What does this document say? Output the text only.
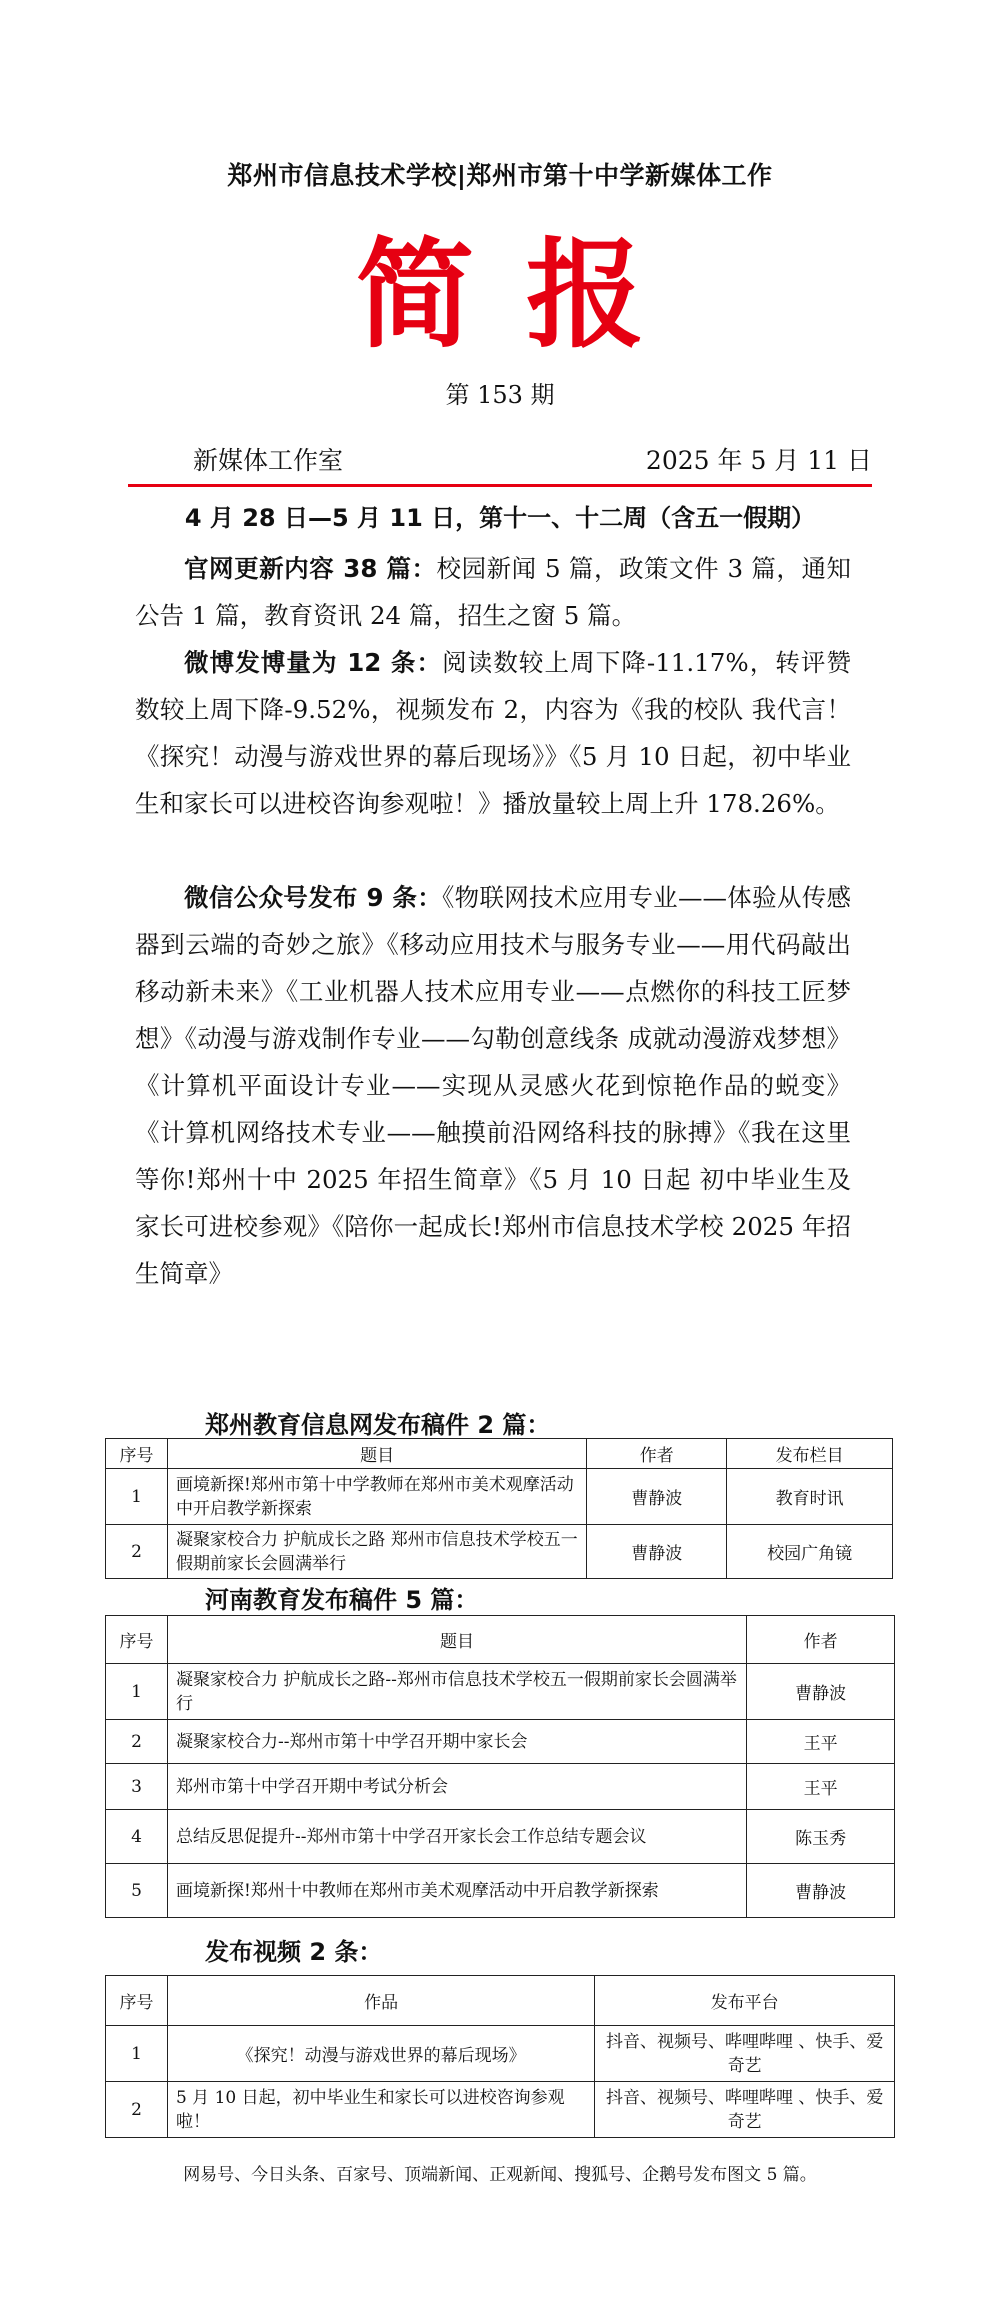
郑州市信息技术学校|郑州市第十中学新媒体工作
简报
第 153 期
新媒体工作室	2025 年 5 月 11 日
4 月 28 日—5 月 11 日，第十一、十二周（含五一假期）

官网更新内容 38 篇：校园新闻 5 篇，政策文件 3 篇，通知公告 1 篇，教育资讯 24 篇，招生之窗 5 篇。

微博发博量为 12 条：阅读数较上周下降-11.17%，转评赞数较上周下降-9.52%，视频发布 2，内容为《我的校队 我代言！《探究！动漫与游戏世界的幕后现场》》《5 月 10 日起，初中毕业生和家长可以进校咨询参观啦！》播放量较上周上升 178.26%。

微信公众号发布 9 条：《物联网技术应用专业——体验从传感器到云端的奇妙之旅》《移动应用技术与服务专业——用代码敲出移动新未来》《工业机器人技术应用专业——点燃你的科技工匠梦想》《动漫与游戏制作专业——勾勒创意线条 成就动漫游戏梦想》《计算机平面设计专业——实现从灵感火花到惊艳作品的蜕变》《计算机网络技术专业——触摸前沿网络科技的脉搏》《我在这里等你!郑州十中 2025 年招生简章》《5 月 10 日起 初中毕业生及家长可进校参观》《陪你一起成长!郑州市信息技术学校 2025 年招生简章》

郑州教育信息网发布稿件 2 篇：
序号	题目	作者	发布栏目
1	画境新探!郑州市第十中学教师在郑州市美术观摩活动中开启教学新探索	曹静波	教育时讯
2	凝聚家校合力 护航成长之路 郑州市信息技术学校五一假期前家长会圆满举行	曹静波	校园广角镜
河南教育发布稿件 5 篇：
序号	题目	作者
1	凝聚家校合力 护航成长之路--郑州市信息技术学校五一假期前家长会圆满举行	曹静波
2	凝聚家校合力--郑州市第十中学召开期中家长会	王平
3	郑州市第十中学召开期中考试分析会	王平
4	总结反思促提升--郑州市第十中学召开家长会工作总结专题会议	陈玉秀
5	画境新探!郑州十中教师在郑州市美术观摩活动中开启教学新探索	曹静波
发布视频 2 条：
序号	作品	发布平台
1	《探究！动漫与游戏世界的幕后现场》	抖音、视频号、哔哩哔哩 、快手、爱奇艺
2	5 月 10 日起，初中毕业生和家长可以进校咨询参观啦！	抖音、视频号、哔哩哔哩 、快手、爱奇艺
网易号、今日头条、百家号、顶端新闻、正观新闻、搜狐号、企鹅号发布图文 5 篇。
